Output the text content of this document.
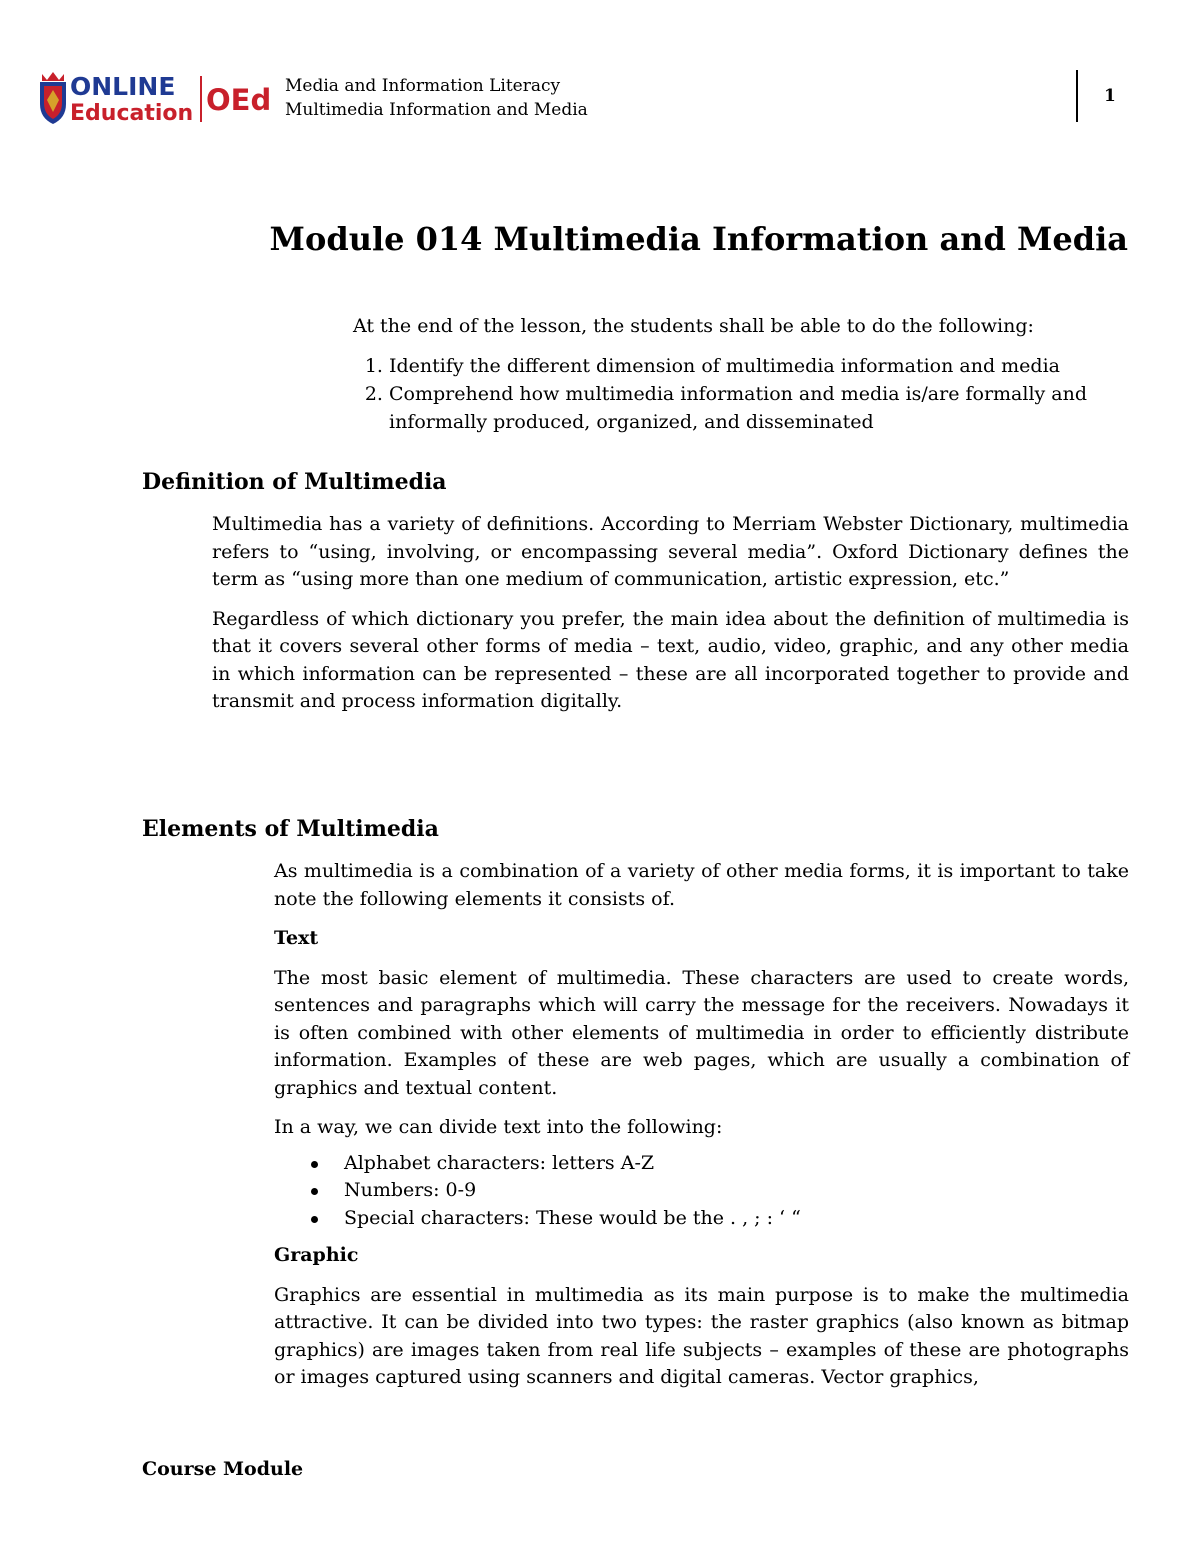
ONLINE
Education OEd Media and Information Literacy
Multimedia Information and Media
1
Module 014 Multimedia Information and Media

At the end of the lesson, the students shall be able to do the following:

1. Identify the different dimension of multimedia information and media
2. Comprehend how multimedia information and media is/are formally and informally produced, organized, and disseminated
Definition of Multimedia

Multimedia has a variety of definitions. According to Merriam Webster Dictionary, multimedia refers to “using, involving, or encompassing several media”. Oxford Dictionary defines the term as “using more than one medium of communication, artistic expression, etc.”

Regardless of which dictionary you prefer, the main idea about the definition of multimedia is that it covers several other forms of media – text, audio, video, graphic, and any other media in which information can be represented – these are all incorporated together to provide and transmit and process information digitally.

Elements of Multimedia

As multimedia is a combination of a variety of other media forms, it is important to take note the following elements it consists of.

Text

The most basic element of multimedia. These characters are used to create words, sentences and paragraphs which will carry the message for the receivers. Nowadays it is often combined with other elements of multimedia in order to efficiently distribute information. Examples of these are web pages, which are usually a combination of graphics and textual content.

In a way, we can divide text into the following:

Alphabet characters: letters A-Z
Numbers: 0-9
Special characters: These would be the . , ; : ‘ “

Graphic

Graphics are essential in multimedia as its main purpose is to make the multimedia attractive. It can be divided into two types: the raster graphics (also known as bitmap graphics) are images taken from real life subjects – examples of these are photographs or images captured using scanners and digital cameras. Vector graphics,

Course Module
